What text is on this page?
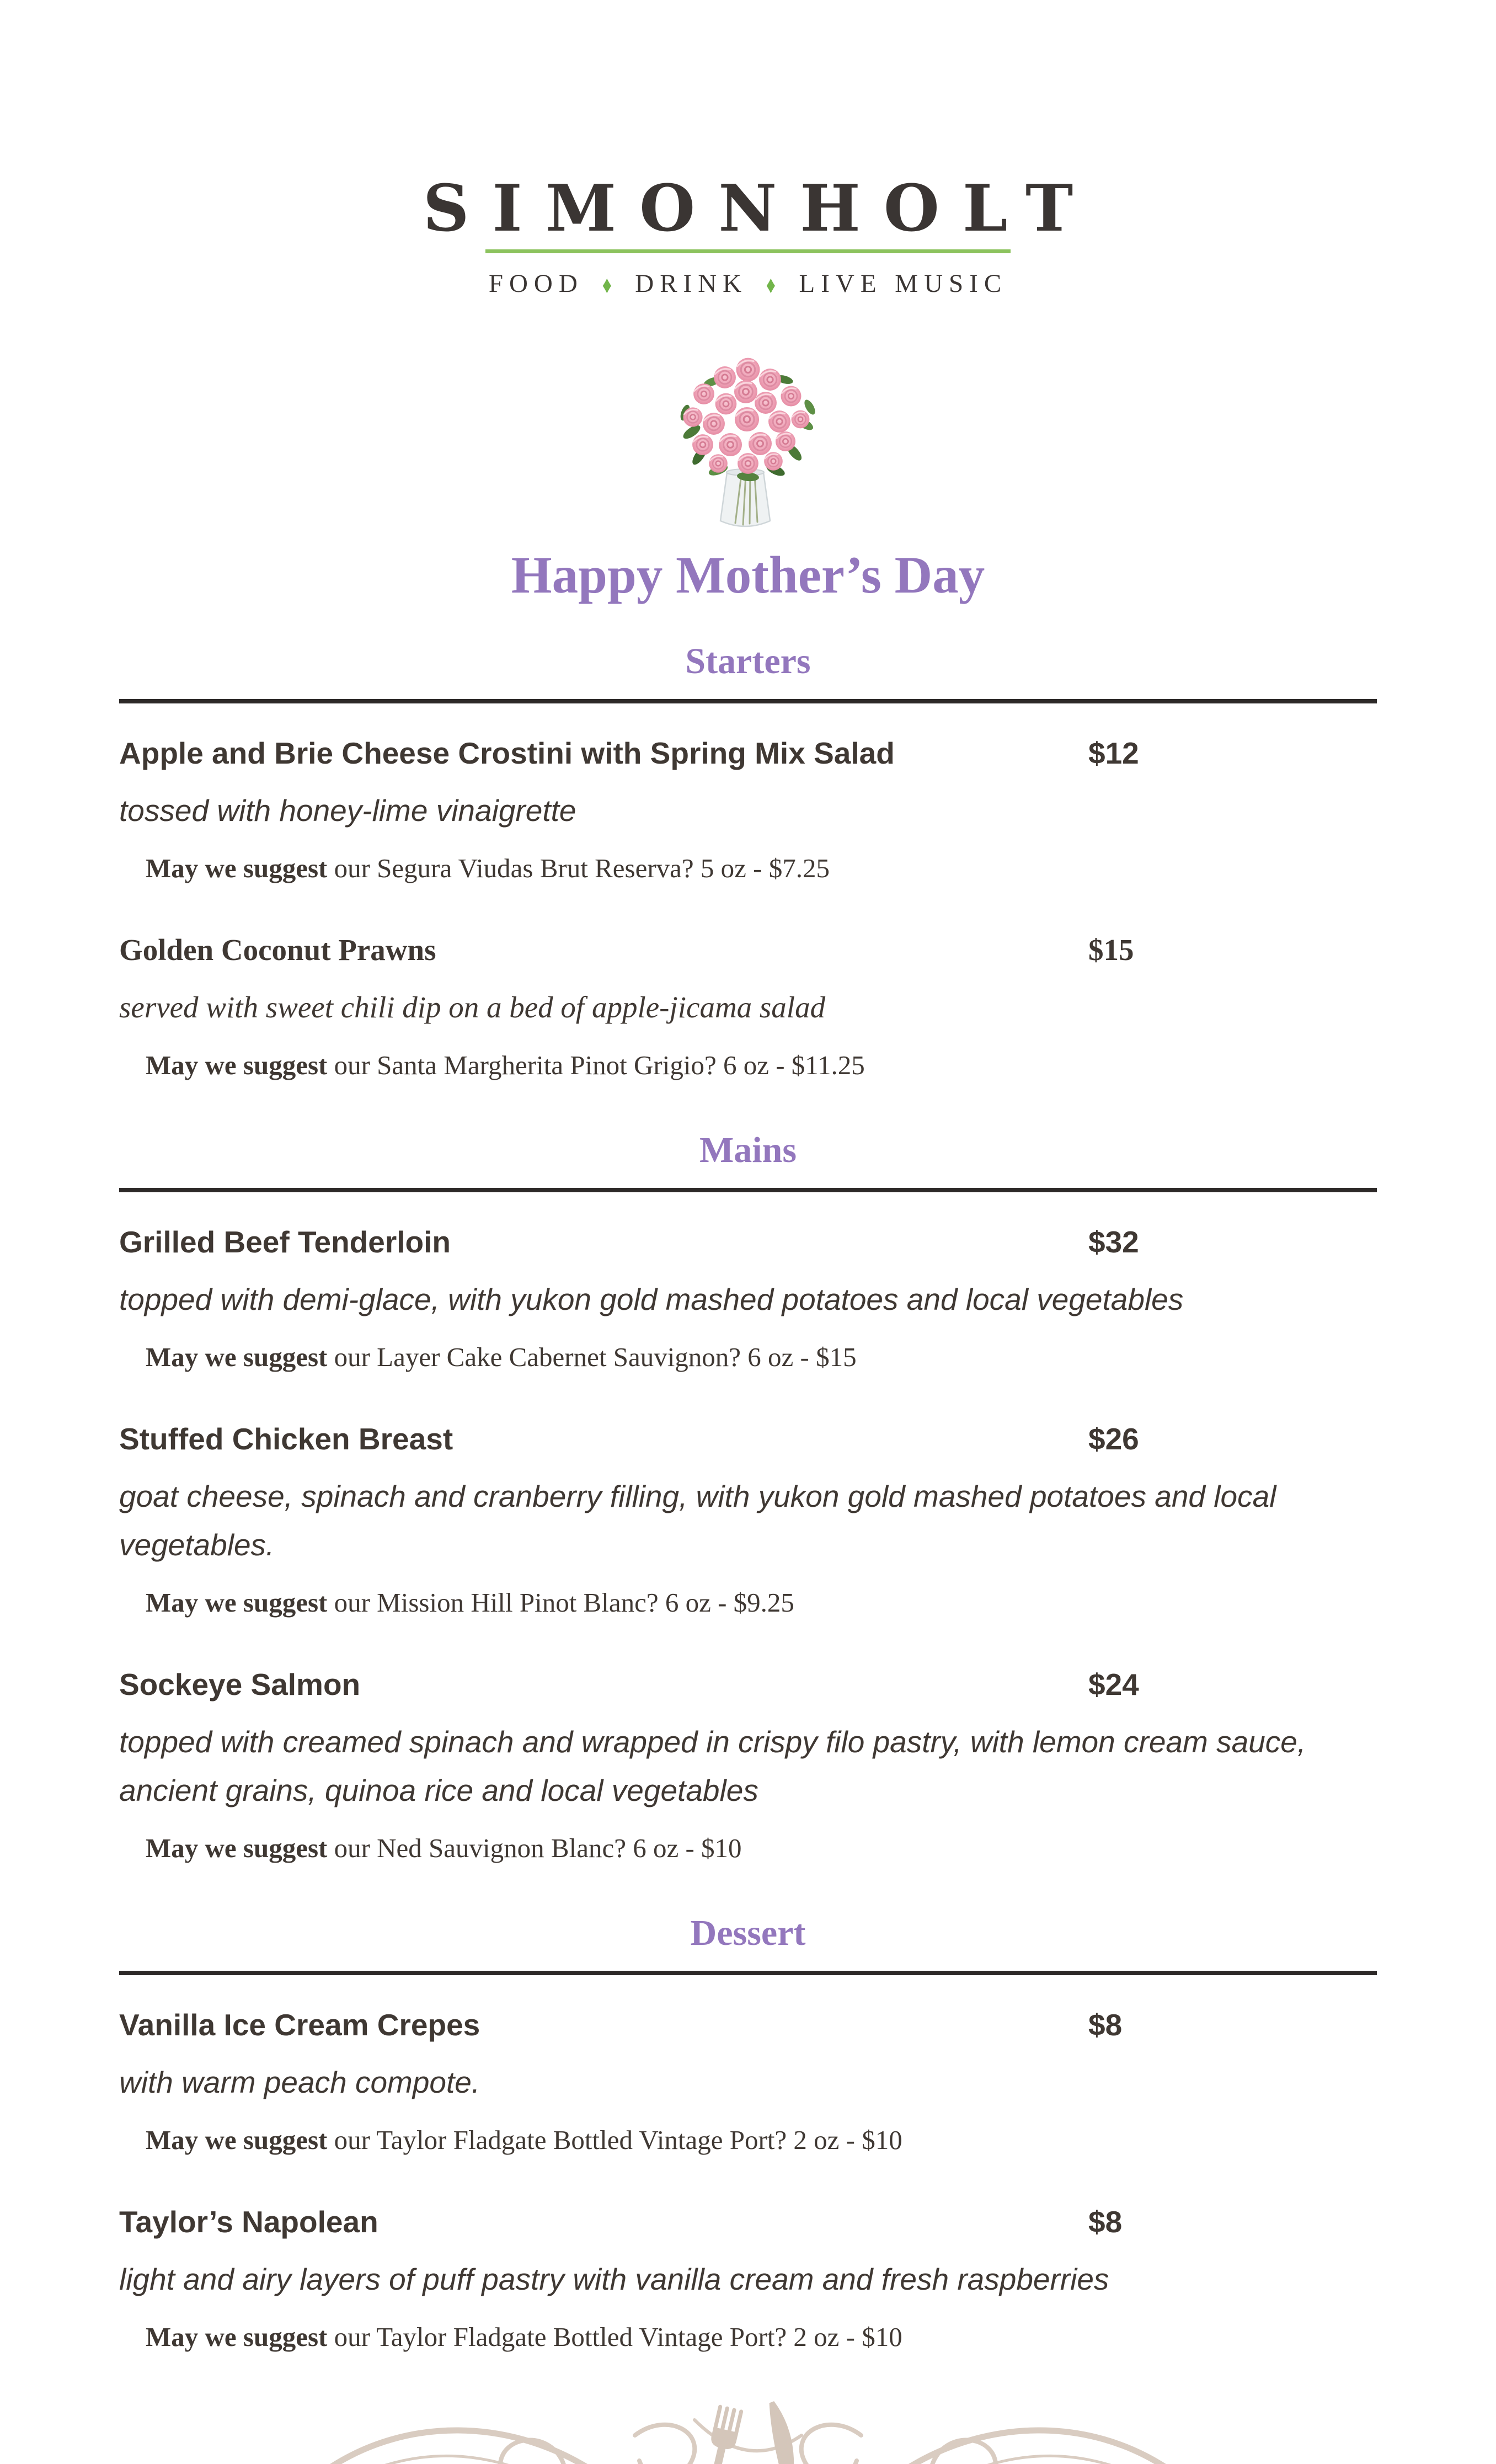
SIMONHOLT
FOOD ♦ DRINK ♦ LIVE MUSIC
Happy Mother’s Day
Starters
Apple and Brie Cheese Crostini with Spring Mix Salad	$12
tossed with honey-lime vinaigrette
May we suggest our Segura Viudas Brut Reserva? 5 oz - $7.25
Golden Coconut Prawns	$15
served with sweet chili dip on a bed of apple-jicama salad
May we suggest our Santa Margherita Pinot Grigio? 6 oz - $11.25
Mains
Grilled Beef Tenderloin	$32
topped with demi-glace, with yukon gold mashed potatoes and local vegetables
May we suggest our Layer Cake Cabernet Sauvignon? 6 oz - $15
Stuffed Chicken Breast	$26
goat cheese, spinach and cranberry filling, with yukon gold mashed potatoes and local vegetables.
May we suggest our Mission Hill Pinot Blanc? 6 oz - $9.25
Sockeye Salmon	$24
topped with creamed spinach and wrapped in crispy filo pastry, with lemon cream sauce, ancient grains, quinoa rice and local vegetables
May we suggest our Ned Sauvignon Blanc? 6 oz - $10
Dessert
Vanilla Ice Cream Crepes	$8
with warm peach compote.
May we suggest our Taylor Fladgate Bottled Vintage Port? 2 oz - $10
Taylor’s Napolean	$8
light and airy layers of puff pastry with vanilla cream and fresh raspberries
May we suggest our Taylor Fladgate Bottled Vintage Port? 2 oz - $10
